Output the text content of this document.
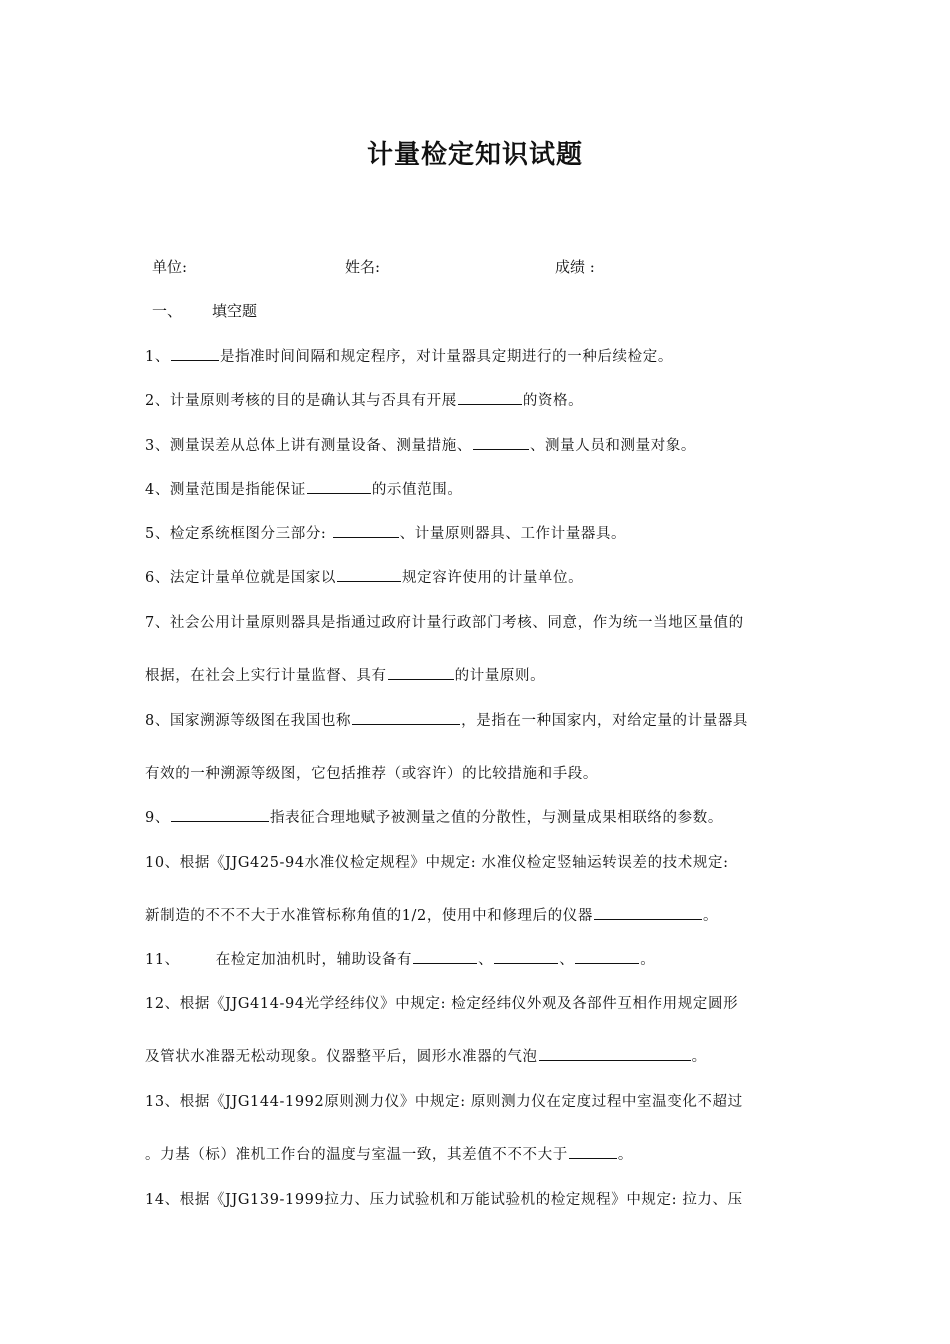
计量检定知识试题
单位:	姓名:	成绩 :
一、 填空题
1、	是指准时间间隔和规定程序，对计量器具定期进行的一种后续检定。
2、计量原则考核的目的是确认其与否具有开展	的资格。
3、测量误差从总体上讲有测量设备、测量措施、	、测量人员和测量对象。
4、测量范围是指能保证	的示值范围。
5、检定系统框图分三部分:	、计量原则器具、工作计量器具。
6、法定计量单位就是国家以	规定容许使用的计量单位。
7、社会公用计量原则器具是指通过政府计量行政部门考核、同意，作为统一当地区量值的
根据，在社会上实行计量监督、具有	的计量原则。
8、国家溯源等级图在我国也称	，是指在一种国家内，对给定量的计量器具
有效的一种溯源等级图，它包括推荐（或容许）的比较措施和手段。
9、	指表征合理地赋予被测量之值的分散性，与测量成果相联络的参数。
10、根据《JJG425-94水准仪检定规程》中规定: 水准仪检定竖轴运转误差的技术规定:
新制造的不不不大于水准管标称角值的1/2，使用中和修理后的仪器	。
11、 在检定加油机时，辅助设备有	、	、	。
12、根据《JJG414-94光学经纬仪》中规定: 检定经纬仪外观及各部件互相作用规定圆形
及管状水准器无松动现象。仪器整平后，圆形水准器的气泡	。
13、根据《JJG144-1992原则测力仪》中规定: 原则测力仪在定度过程中室温变化不超过
。力基（标）准机工作台的温度与室温一致，其差值不不不大于	。
14、根据《JJG139-1999拉力、压力试验机和万能试验机的检定规程》中规定: 拉力、压
